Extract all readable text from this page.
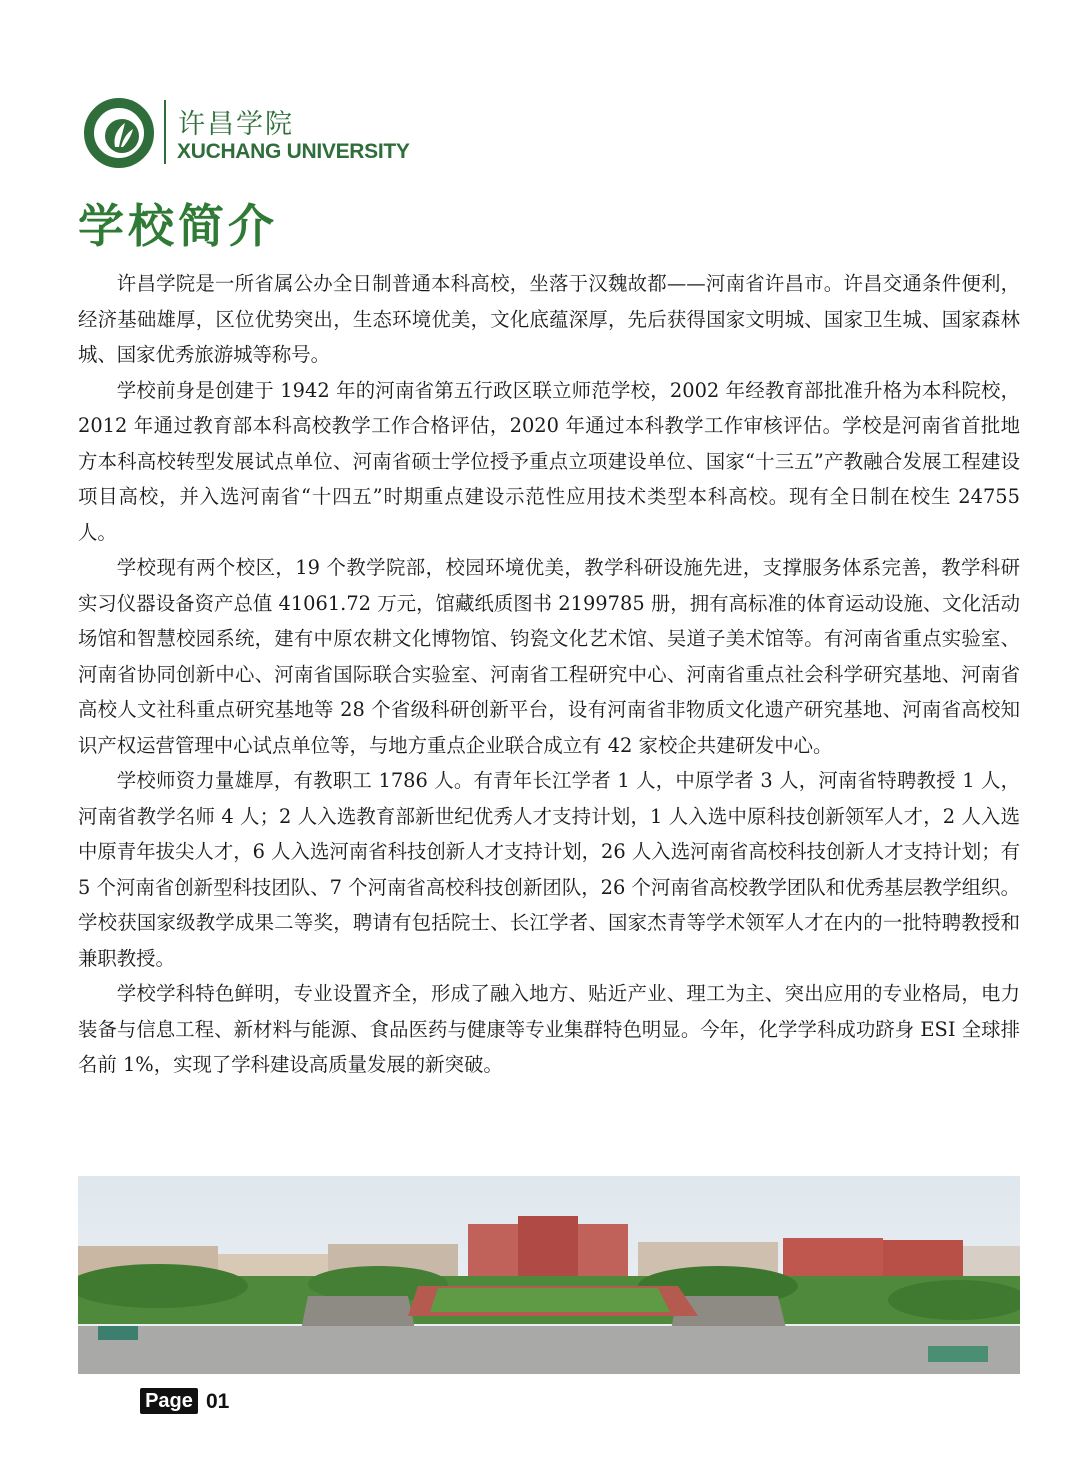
许昌学院
XUCHANG UNIVERSITY
学校简介

许昌学院是一所省属公办全日制普通本科高校，坐落于汉魏故都——河南省许昌市。许昌交通条件便利，经济基础雄厚，区位优势突出，生态环境优美，文化底蕴深厚，先后获得国家文明城、国家卫生城、国家森林城、国家优秀旅游城等称号。

学校前身是创建于 1942 年的河南省第五行政区联立师范学校，2002 年经教育部批准升格为本科院校，2012 年通过教育部本科高校教学工作合格评估，2020 年通过本科教学工作审核评估。学校是河南省首批地方本科高校转型发展试点单位、河南省硕士学位授予重点立项建设单位、国家“十三五”产教融合发展工程建设项目高校，并入选河南省“十四五”时期重点建设示范性应用技术类型本科高校。现有全日制在校生 24755 人。

学校现有两个校区，19 个教学院部，校园环境优美，教学科研设施先进，支撑服务体系完善，教学科研实习仪器设备资产总值 41061.72 万元，馆藏纸质图书 2199785 册，拥有高标准的体育运动设施、文化活动场馆和智慧校园系统，建有中原农耕文化博物馆、钧瓷文化艺术馆、吴道子美术馆等。有河南省重点实验室、河南省协同创新中心、河南省国际联合实验室、河南省工程研究中心、河南省重点社会科学研究基地、河南省高校人文社科重点研究基地等 28 个省级科研创新平台，设有河南省非物质文化遗产研究基地、河南省高校知识产权运营管理中心试点单位等，与地方重点企业联合成立有 42 家校企共建研发中心。

学校师资力量雄厚，有教职工 1786 人。有青年长江学者 1 人，中原学者 3 人，河南省特聘教授 1 人，河南省教学名师 4 人；2 人入选教育部新世纪优秀人才支持计划，1 人入选中原科技创新领军人才，2 人入选中原青年拔尖人才，6 人入选河南省科技创新人才支持计划，26 人入选河南省高校科技创新人才支持计划；有 5 个河南省创新型科技团队、7 个河南省高校科技创新团队，26 个河南省高校教学团队和优秀基层教学组织。学校获国家级教学成果二等奖，聘请有包括院士、长江学者、国家杰青等学术领军人才在内的一批特聘教授和兼职教授。

学校学科特色鲜明，专业设置齐全，形成了融入地方、贴近产业、理工为主、突出应用的专业格局，电力装备与信息工程、新材料与能源、食品医药与健康等专业集群特色明显。今年，化学学科成功跻身 ESI 全球排名前 1%，实现了学科建设高质量发展的新突破。

Page 01
